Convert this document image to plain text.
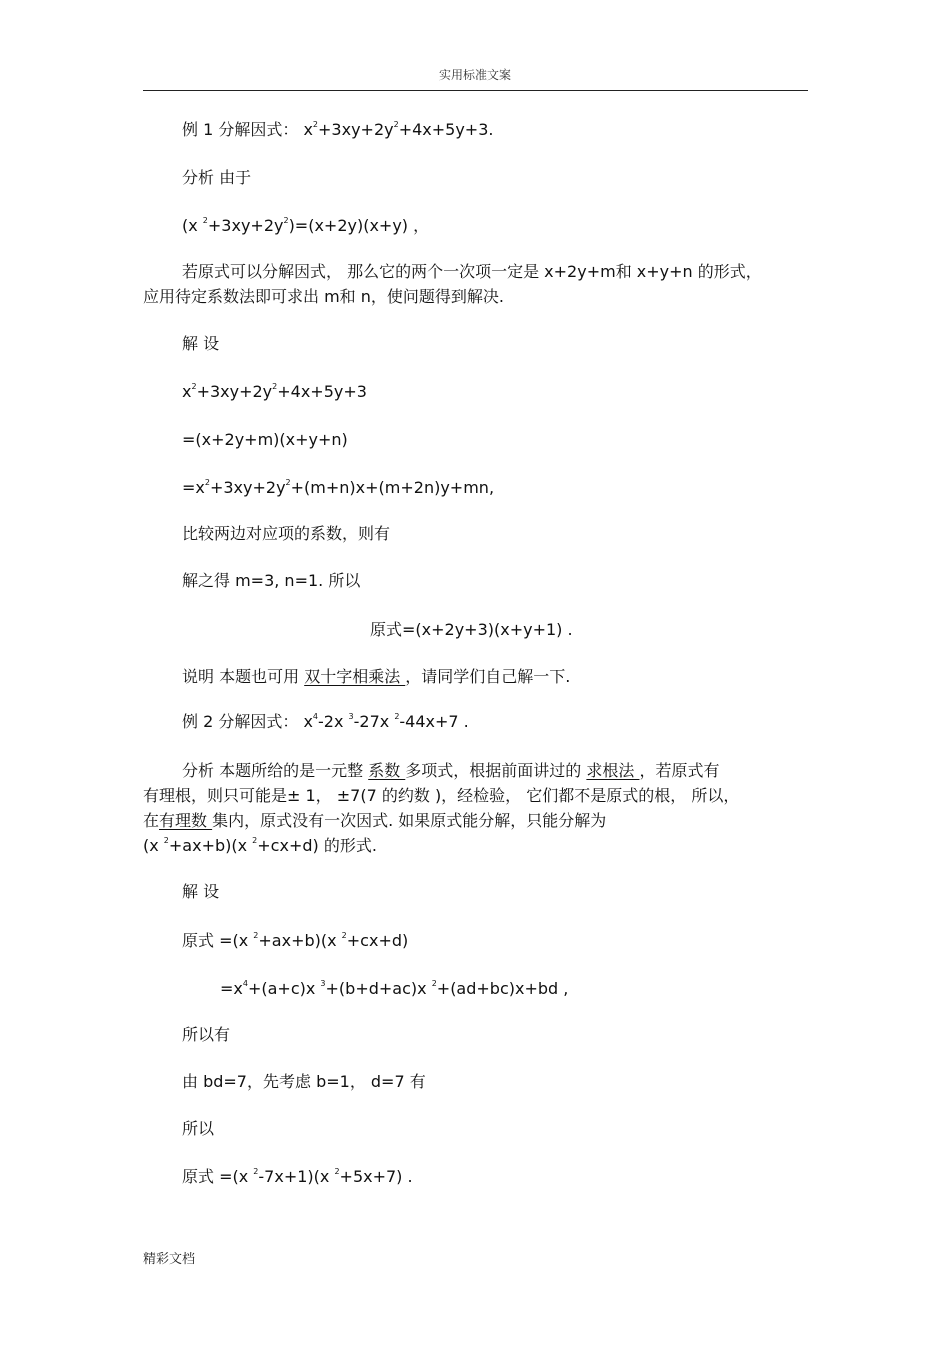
实用标准文案
例 1 分解因式： $x^2+3xy+2y^2+4x+5y+3$.
分析 由于
(x $^2+3xy+2y^2)=(x+2y)(x+y)$ ，
若原式可以分解因式， 那么它的两个一次项一定是 x+2y+m和 x+y+n 的形式，
应用待定系数法即可求出 m和 n，使问题得到解决.
解 设
$x^2+3xy+2y^2+4x+5y+3$
=(x+2y+m)(x+y+n)
$=x^2+3xy+2y^2+(m+n)x+(m+2n)y+mn$,
比较两边对应项的系数，则有
解之得 m=3, n=1. 所以
原式=(x+2y+3)(x+y+1) .
说明 本题也可用 双十字相乘法 ，请同学们自己解一下.
例 2 分解因式： $x^4-2x$ $^3$-27x $^2$-44x+7 .
分析 本题所给的是一元整 系数 多项式，根据前面讲过的 求根法 ，若原式有
有理根，则只可能是± 1， ±7(7 的约数 )，经检验， 它们都不是原式的根， 所以，
在有理数 集内，原式没有一次因式. 如果原式能分解，只能分解为
(x $^2$+ax+b)(x $^2$+cx+d) 的形式.
解 设
原式 =(x $^2$+ax+b)(x $^2$+cx+d)
$=x^4+(a+c)x$ $^3$+(b+d+ac)x $^2$+(ad+bc)x+bd ,
所以有
由 bd=7，先考虑 b=1， d=7 有
所以
原式 =(x $^2$-7x+1)(x $^2$+5x+7) .
精彩文档
